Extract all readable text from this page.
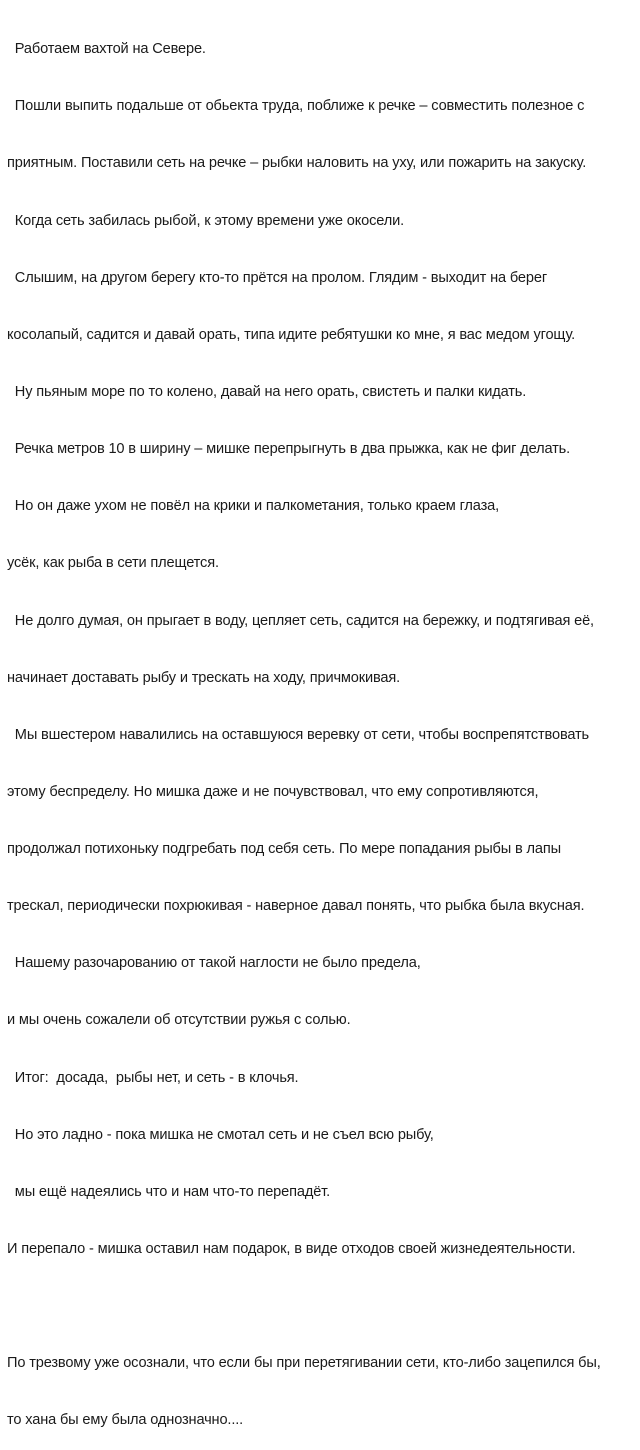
Работаем вахтой на Севере.

Пошли выпить подальше от обьекта труда, поближе к речке – совместить полезное с

приятным. Поставили сеть на речке – рыбки наловить на уху, или пожарить на закуску.

Когда сеть забилась рыбой, к этому времени уже окосели.

Слышим, на другом берегу кто-то прётся на пролом. Глядим - выходит на берег

косолапый, садится и давай орать, типа идите ребятушки ко мне, я вас медом угощу.

Ну пьяным море по то колено, давай на него орать, свистеть и палки кидать.

Речка метров 10 в ширину – мишке перепрыгнуть в два прыжка, как не фиг делать.

Но он даже ухом не повёл на крики и палкометания, только краем глаза,

усёк, как рыба в сети плещется.

Не долго думая, он прыгает в воду, цепляет сеть, садится на бережку, и подтягивая её,

начинает доставать рыбу и трескать на ходу, причмокивая.

Мы вшестером навалились на оставшуюся веревку от сети, чтобы воспрепятствовать

этому беспределу. Но мишка даже и не почувствовал, что ему сопротивляются,

продолжал потихоньку подгребать под себя сеть. По мере попадания рыбы в лапы

трескал, периодически похрюкивая - наверное давал понять, что рыбка была вкусная.

Нашему разочарованию от такой наглости не было предела,

и мы очень сожалели об отсутствии ружья с солью.

Итог:  досада,  рыбы нет, и сеть - в клочья.

Но это ладно - пока мишка не смотал сеть и не съел всю рыбу,

мы ещё надеялись что и нам что-то перепадёт.

И перепало - мишка оставил нам подарок, в виде отходов своей жизнедеятельности.

По трезвому уже осознали, что если бы при перетягивании сети, кто-либо зацепился бы,

то хана бы ему была однозначно....
